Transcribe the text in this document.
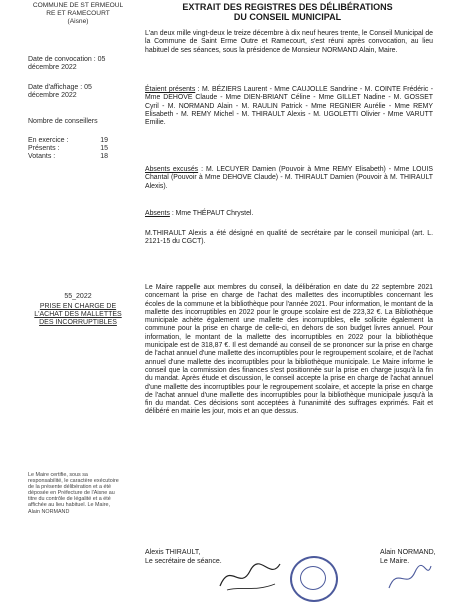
COMMUNE DE ST ERMEOUL RE ET RAMECOURT
(Aisne)
EXTRAIT DES REGISTRES DES DÉLIBÉRATIONS
DU CONSEIL MUNICIPAL
Date de convocation : 05 décembre 2022
Date d'affichage : 05 décembre 2022
Nombre de conseillers
En exercice :	19
Présents :	15
Votants :	18
55_2022
PRISE EN CHARGE DE L'ACHAT DES MALLETTES DES INCORRUPTIBLES
Le Maire certifie, sous sa responsabilité, le caractère exécutoire de la présente délibération et a été déposée en Préfecture de l'Aisne au titre du contrôle de légalité et a été affichée au lieu habituel. Le Maire, Alain NORMAND
L'an deux mille vingt-deux le treize décembre à dix neuf heures trente, le Conseil Municipal de la Commune de Saint Erme Outre et Ramecourt, s'est réuni après convocation, au lieu habituel de ses séances, sous la présidence de Monsieur NORMAND Alain, Maire.
Étaient présents : M. BÉZIERS Laurent - Mme CAUJOLLE Sandrine - M. COINTE Frédéric - Mme DEHOVE Claude - Mme DIEN-BRIANT Céline - Mme GILLET Nadine - M. GOSSET Cyril - M. NORMAND Alain - M. RAULIN Patrick - Mme REGNIER Aurélie - Mme REMY Elisabeth - M. REMY Michel - M. THIRAULT Alexis - M. UGOLETTI Olivier - Mme VARUTT Emilie.
Absents excusés : M. LECUYER Damien (Pouvoir à Mme REMY Elisabeth) - Mme LOUIS Chantal (Pouvoir à Mme DEHOVE Claude) - M. THIRAULT Damien (Pouvoir à M. THIRAULT Alexis).
Absents : Mme THÉPAUT Chrystel.
M.THIRAULT Alexis a été désigné en qualité de secrétaire par le conseil municipal (art. L. 2121-15 du CGCT).
Le Maire rappelle aux membres du conseil, la délibération en date du 22 septembre 2021 concernant la prise en charge de l'achat des mallettes des incorruptibles concernant les écoles de la commune et la bibliothèque pour l'année 2021. Pour information, le montant de la mallette des incorruptibles en 2022 pour le groupe scolaire est de 223,32 €. La Bibliothèque municipale achète également une mallette des incorruptibles, elle sollicite également la commune pour la prise en charge de celle-ci, en dehors de son budget livres annuel. Pour information, le montant de la mallette des incorruptibles en 2022 pour la bibliothèque municipale est de 318,87 €. Il est demandé au conseil de se prononcer sur la prise en charge de l'achat annuel d'une mallette des incorruptibles pour le regroupement scolaire, et de l'achat annuel d'une mallette des incorruptibles pour la bibliothèque municipale. Le Maire informe le conseil que la commission des finances s'est positionnée sur la prise en charge jusqu'à la fin du mandat. Après étude et discussion, le conseil accepte la prise en charge de l'achat annuel d'une mallette des incorruptibles pour le regroupement scolaire, et accepte la prise en charge de l'achat annuel d'une mallette des incorruptibles pour la bibliothèque municipale jusqu'à la fin du mandat. Ces décisions sont acceptées à l'unanimité des suffrages exprimés. Fait et délibéré en mairie les jour, mois et an que dessus.
Alexis THIRAULT,
Le secrétaire de séance.
Alain NORMAND,
Le Maire.
